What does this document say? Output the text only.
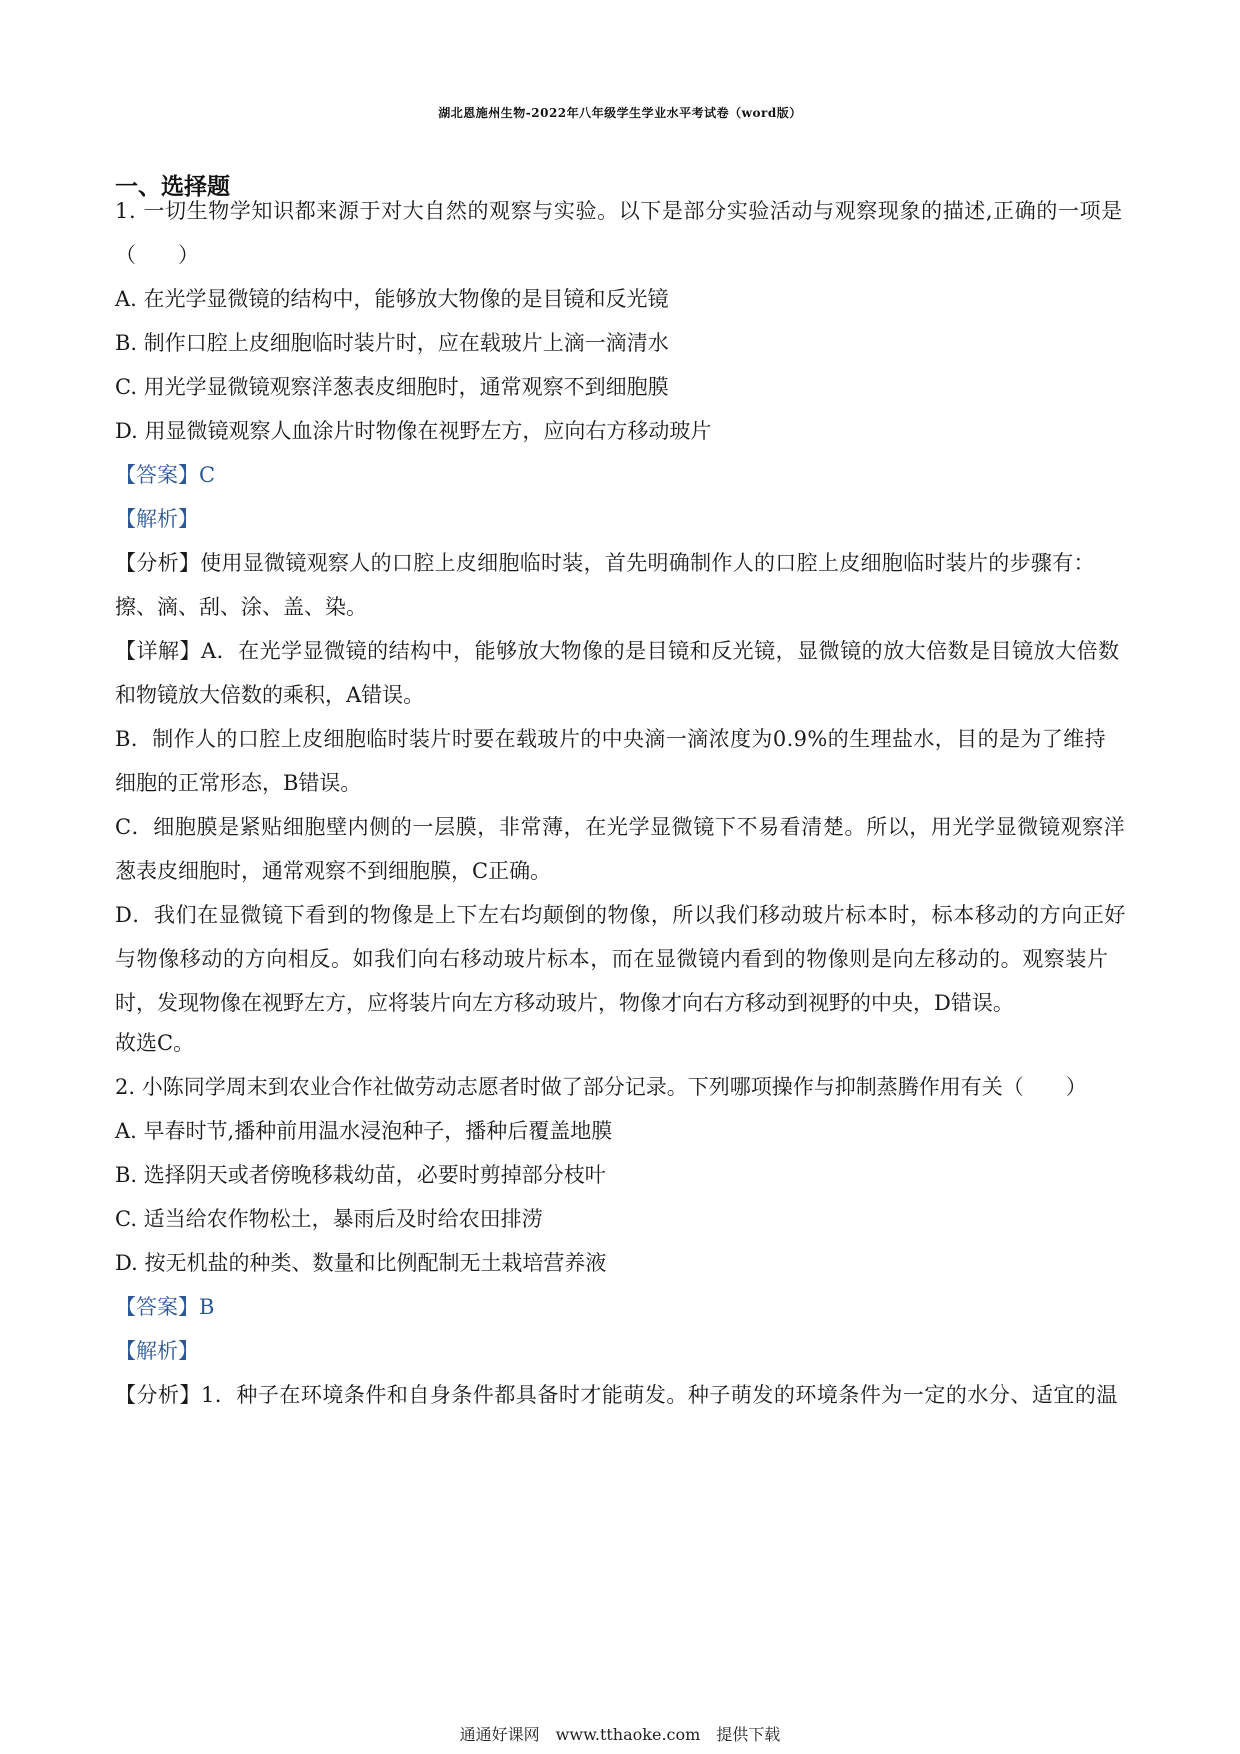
湖北恩施州生物-2022年八年级学生学业水平考试卷（word版）
一、选择题
1. 一切生物学知识都来源于对大自然的观察与实验。以下是部分实验活动与观察现象的描述,正确的一项是
（　　）
A. 在光学显微镜的结构中，能够放大物像的是目镜和反光镜
B. 制作口腔上皮细胞临时装片时，应在载玻片上滴一滴清水
C. 用光学显微镜观察洋葱表皮细胞时，通常观察不到细胞膜
D. 用显微镜观察人血涂片时物像在视野左方，应向右方移动玻片
【答案】C
【解析】
【分析】使用显微镜观察人的口腔上皮细胞临时装，首先明确制作人的口腔上皮细胞临时装片的步骤有：
擦、滴、刮、涂、盖、染。
【详解】A．在光学显微镜的结构中，能够放大物像的是目镜和反光镜，显微镜的放大倍数是目镜放大倍数
和物镜放大倍数的乘积，A错误。
B．制作人的口腔上皮细胞临时装片时要在载玻片的中央滴一滴浓度为0.9%的生理盐水，目的是为了维持
细胞的正常形态，B错误。
C．细胞膜是紧贴细胞壁内侧的一层膜，非常薄，在光学显微镜下不易看清楚。所以，用光学显微镜观察洋
葱表皮细胞时，通常观察不到细胞膜，C正确。
D．我们在显微镜下看到的物像是上下左右均颠倒的物像，所以我们移动玻片标本时，标本移动的方向正好
与物像移动的方向相反。如我们向右移动玻片标本，而在显微镜内看到的物像则是向左移动的。观察装片
时，发现物像在视野左方，应将装片向左方移动玻片，物像才向右方移动到视野的中央，D错误。
故选C。
2. 小陈同学周末到农业合作社做劳动志愿者时做了部分记录。下列哪项操作与抑制蒸腾作用有关（　　）
A. 早春时节,播种前用温水浸泡种子，播种后覆盖地膜
B. 选择阴天或者傍晚移栽幼苗，必要时剪掉部分枝叶
C. 适当给农作物松土，暴雨后及时给农田排涝
D. 按无机盐的种类、数量和比例配制无土栽培营养液
【答案】B
【解析】
【分析】1．种子在环境条件和自身条件都具备时才能萌发。种子萌发的环境条件为一定的水分、适宜的温
通通好课网　www.tthaoke.com　提供下载
